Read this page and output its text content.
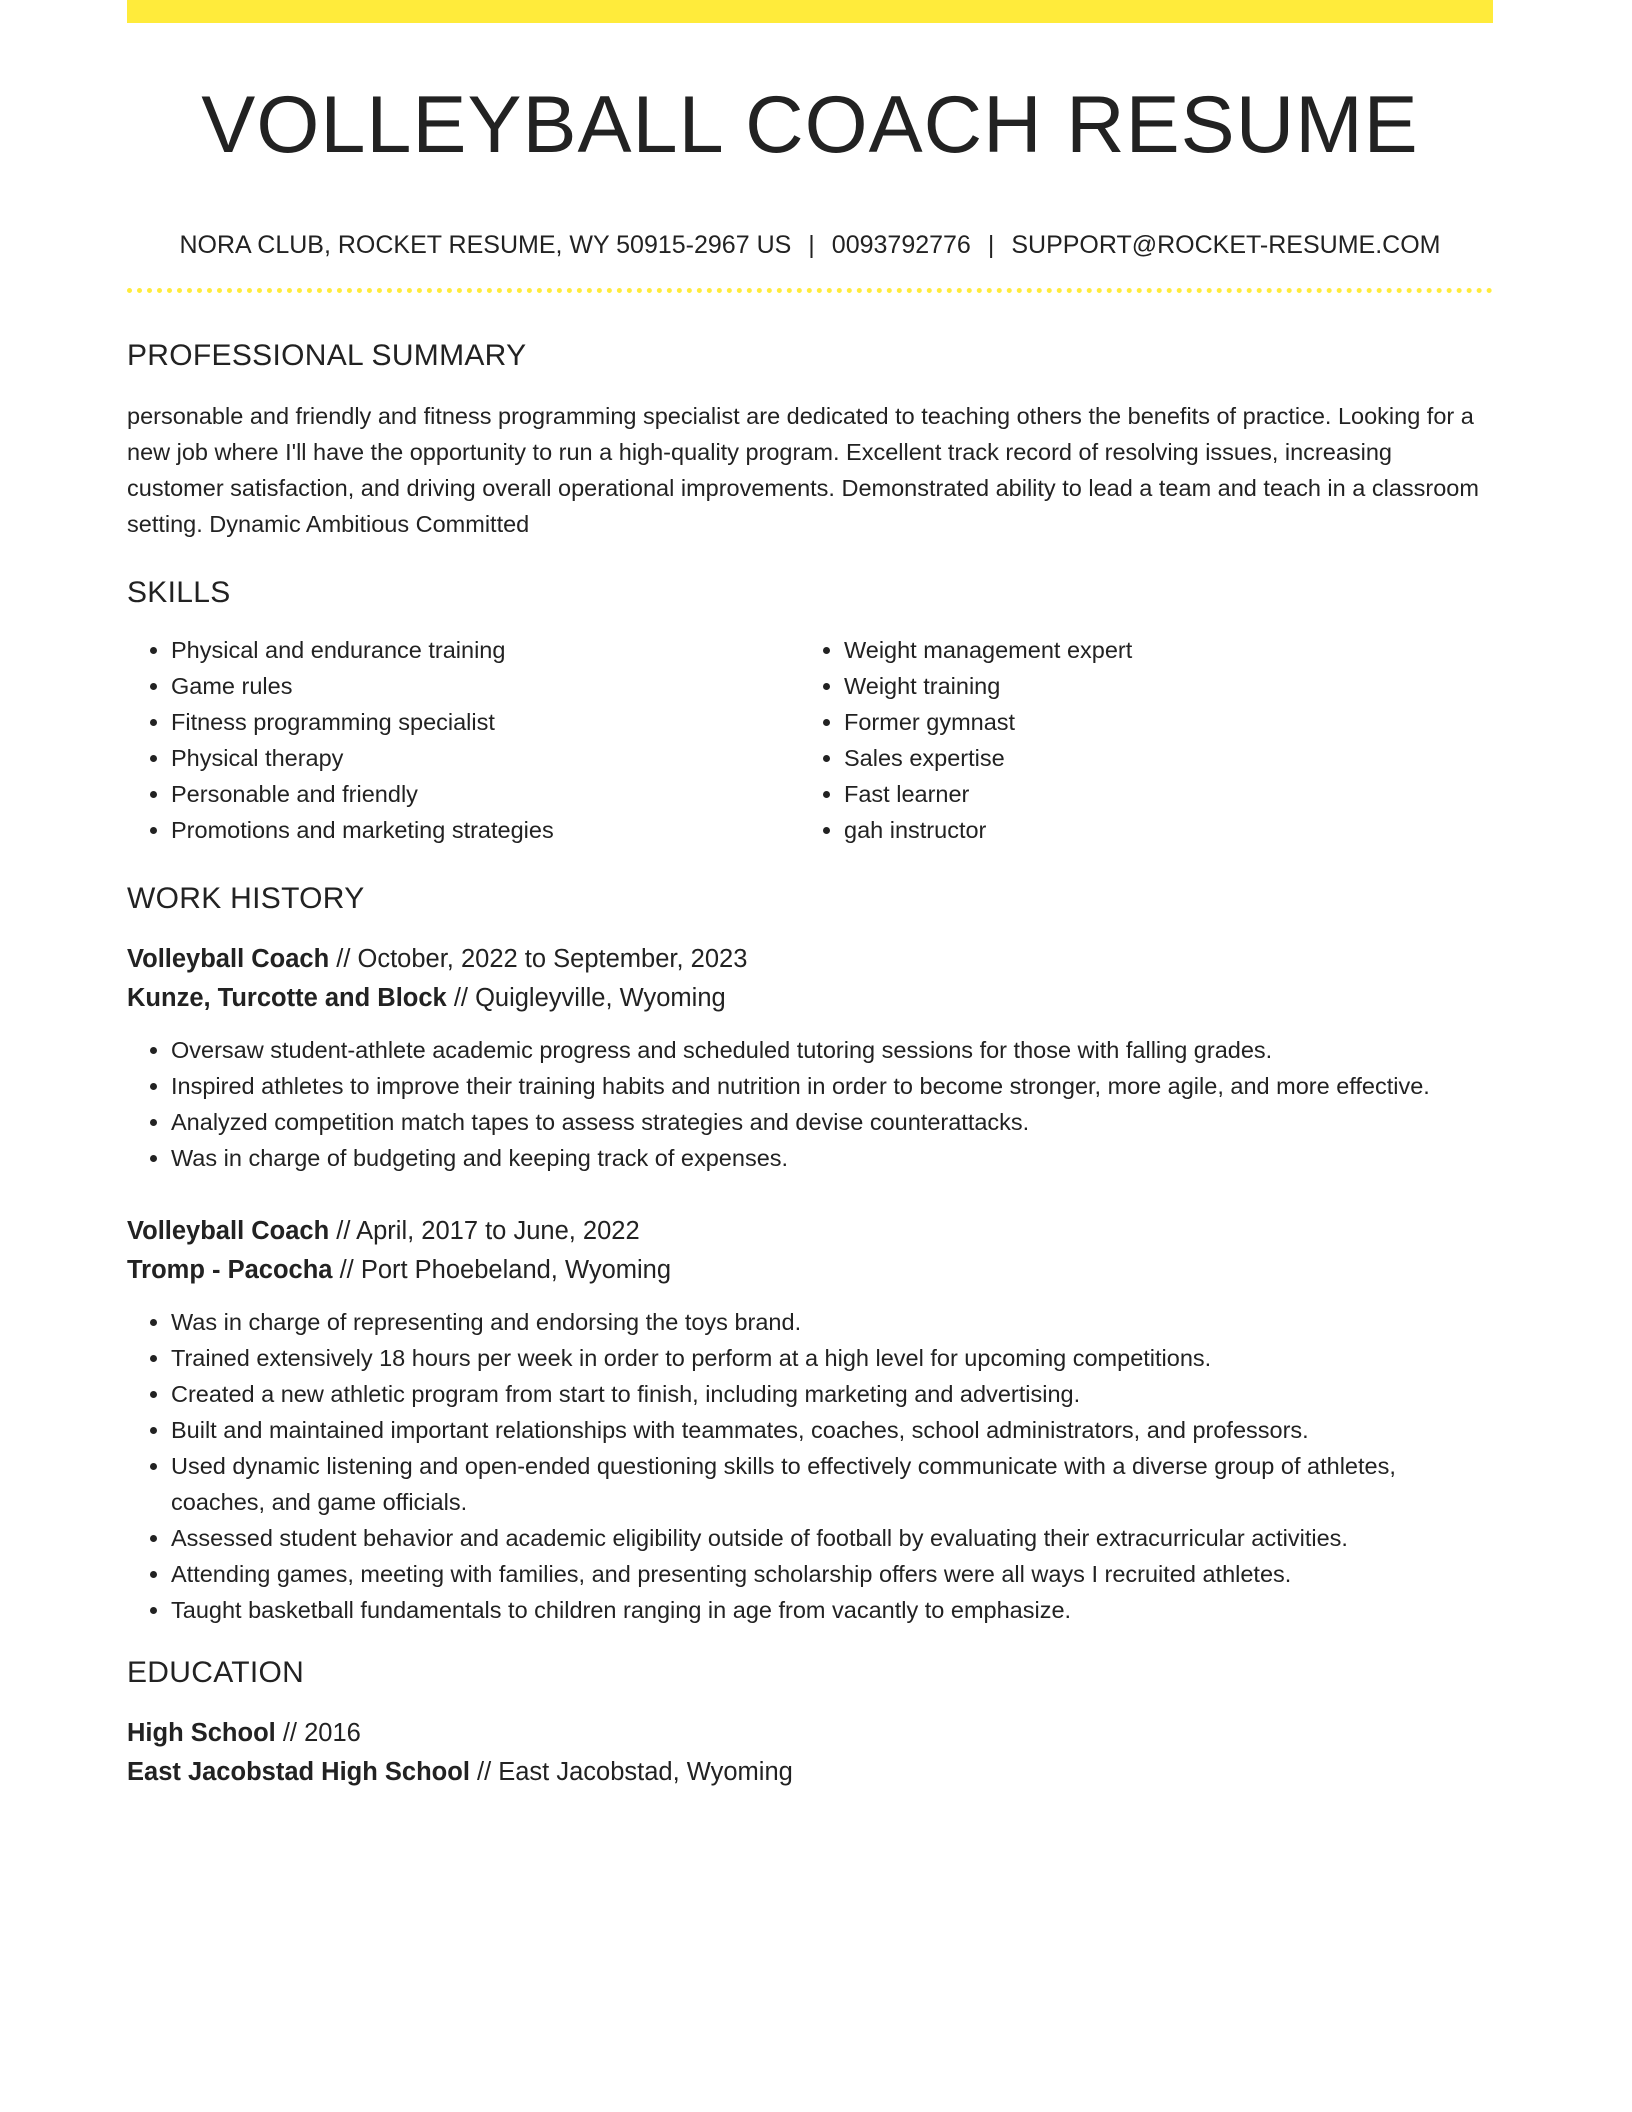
VOLLEYBALL COACH RESUME
NORA CLUB, ROCKET RESUME, WY 50915-2967 US | 0093792776 | SUPPORT@ROCKET-RESUME.COM
PROFESSIONAL SUMMARY

personable and friendly and fitness programming specialist are dedicated to teaching others the benefits of practice. Looking for a new job where I'll have the opportunity to run a high-quality program. Excellent track record of resolving issues, increasing customer satisfaction, and driving overall operational improvements. Demonstrated ability to lead a team and teach in a classroom setting. Dynamic Ambitious Committed

SKILLS
• Physical and endurance training
• Game rules
• Fitness programming specialist
• Physical therapy
• Personable and friendly
• Promotions and marketing strategies
• Weight management expert
• Weight training
• Former gymnast
• Sales expertise
• Fast learner
• gah instructor
WORK HISTORY
Volleyball Coach // October, 2022 to September, 2023
Kunze, Turcotte and Block // Quigleyville, Wyoming
• Oversaw student-athlete academic progress and scheduled tutoring sessions for those with falling grades.
• Inspired athletes to improve their training habits and nutrition in order to become stronger, more agile, and more effective.
• Analyzed competition match tapes to assess strategies and devise counterattacks.
• Was in charge of budgeting and keeping track of expenses.
Volleyball Coach // April, 2017 to June, 2022
Tromp - Pacocha // Port Phoebeland, Wyoming
• Was in charge of representing and endorsing the toys brand.
• Trained extensively 18 hours per week in order to perform at a high level for upcoming competitions.
• Created a new athletic program from start to finish, including marketing and advertising.
• Built and maintained important relationships with teammates, coaches, school administrators, and professors.
• Used dynamic listening and open-ended questioning skills to effectively communicate with a diverse group of athletes, coaches, and game officials.
• Assessed student behavior and academic eligibility outside of football by evaluating their extracurricular activities.
• Attending games, meeting with families, and presenting scholarship offers were all ways I recruited athletes.
• Taught basketball fundamentals to children ranging in age from vacantly to emphasize.
EDUCATION
High School // 2016
East Jacobstad High School // East Jacobstad, Wyoming
